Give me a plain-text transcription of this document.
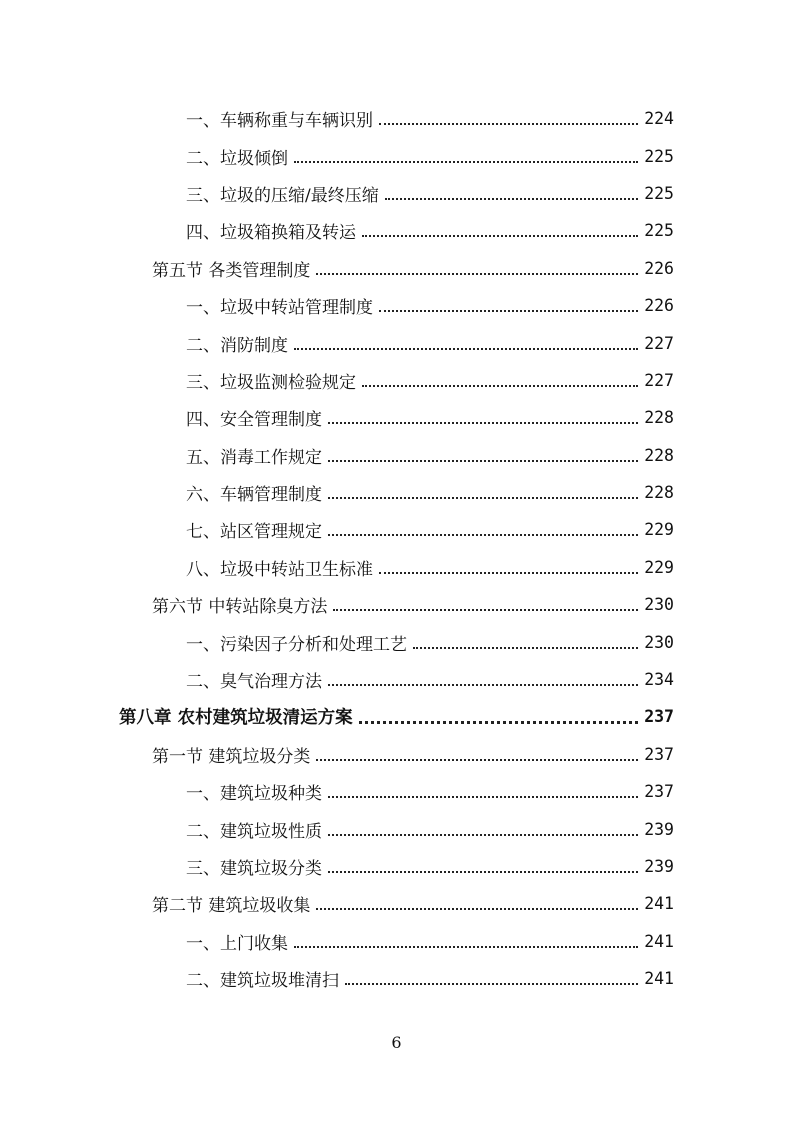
一、车辆称重与车辆识别	224
二、垃圾倾倒	225
三、垃圾的压缩/最终压缩	225
四、垃圾箱换箱及转运	225
第五节 各类管理制度	226
一、垃圾中转站管理制度	226
二、消防制度	227
三、垃圾监测检验规定	227
四、安全管理制度	228
五、消毒工作规定	228
六、车辆管理制度	228
七、站区管理规定	229
八、垃圾中转站卫生标准	229
第六节 中转站除臭方法	230
一、污染因子分析和处理工艺	230
二、臭气治理方法	234
第八章 农村建筑垃圾清运方案	237
第一节 建筑垃圾分类	237
一、建筑垃圾种类	237
二、建筑垃圾性质	239
三、建筑垃圾分类	239
第二节 建筑垃圾收集	241
一、上门收集	241
二、建筑垃圾堆清扫	241
6
